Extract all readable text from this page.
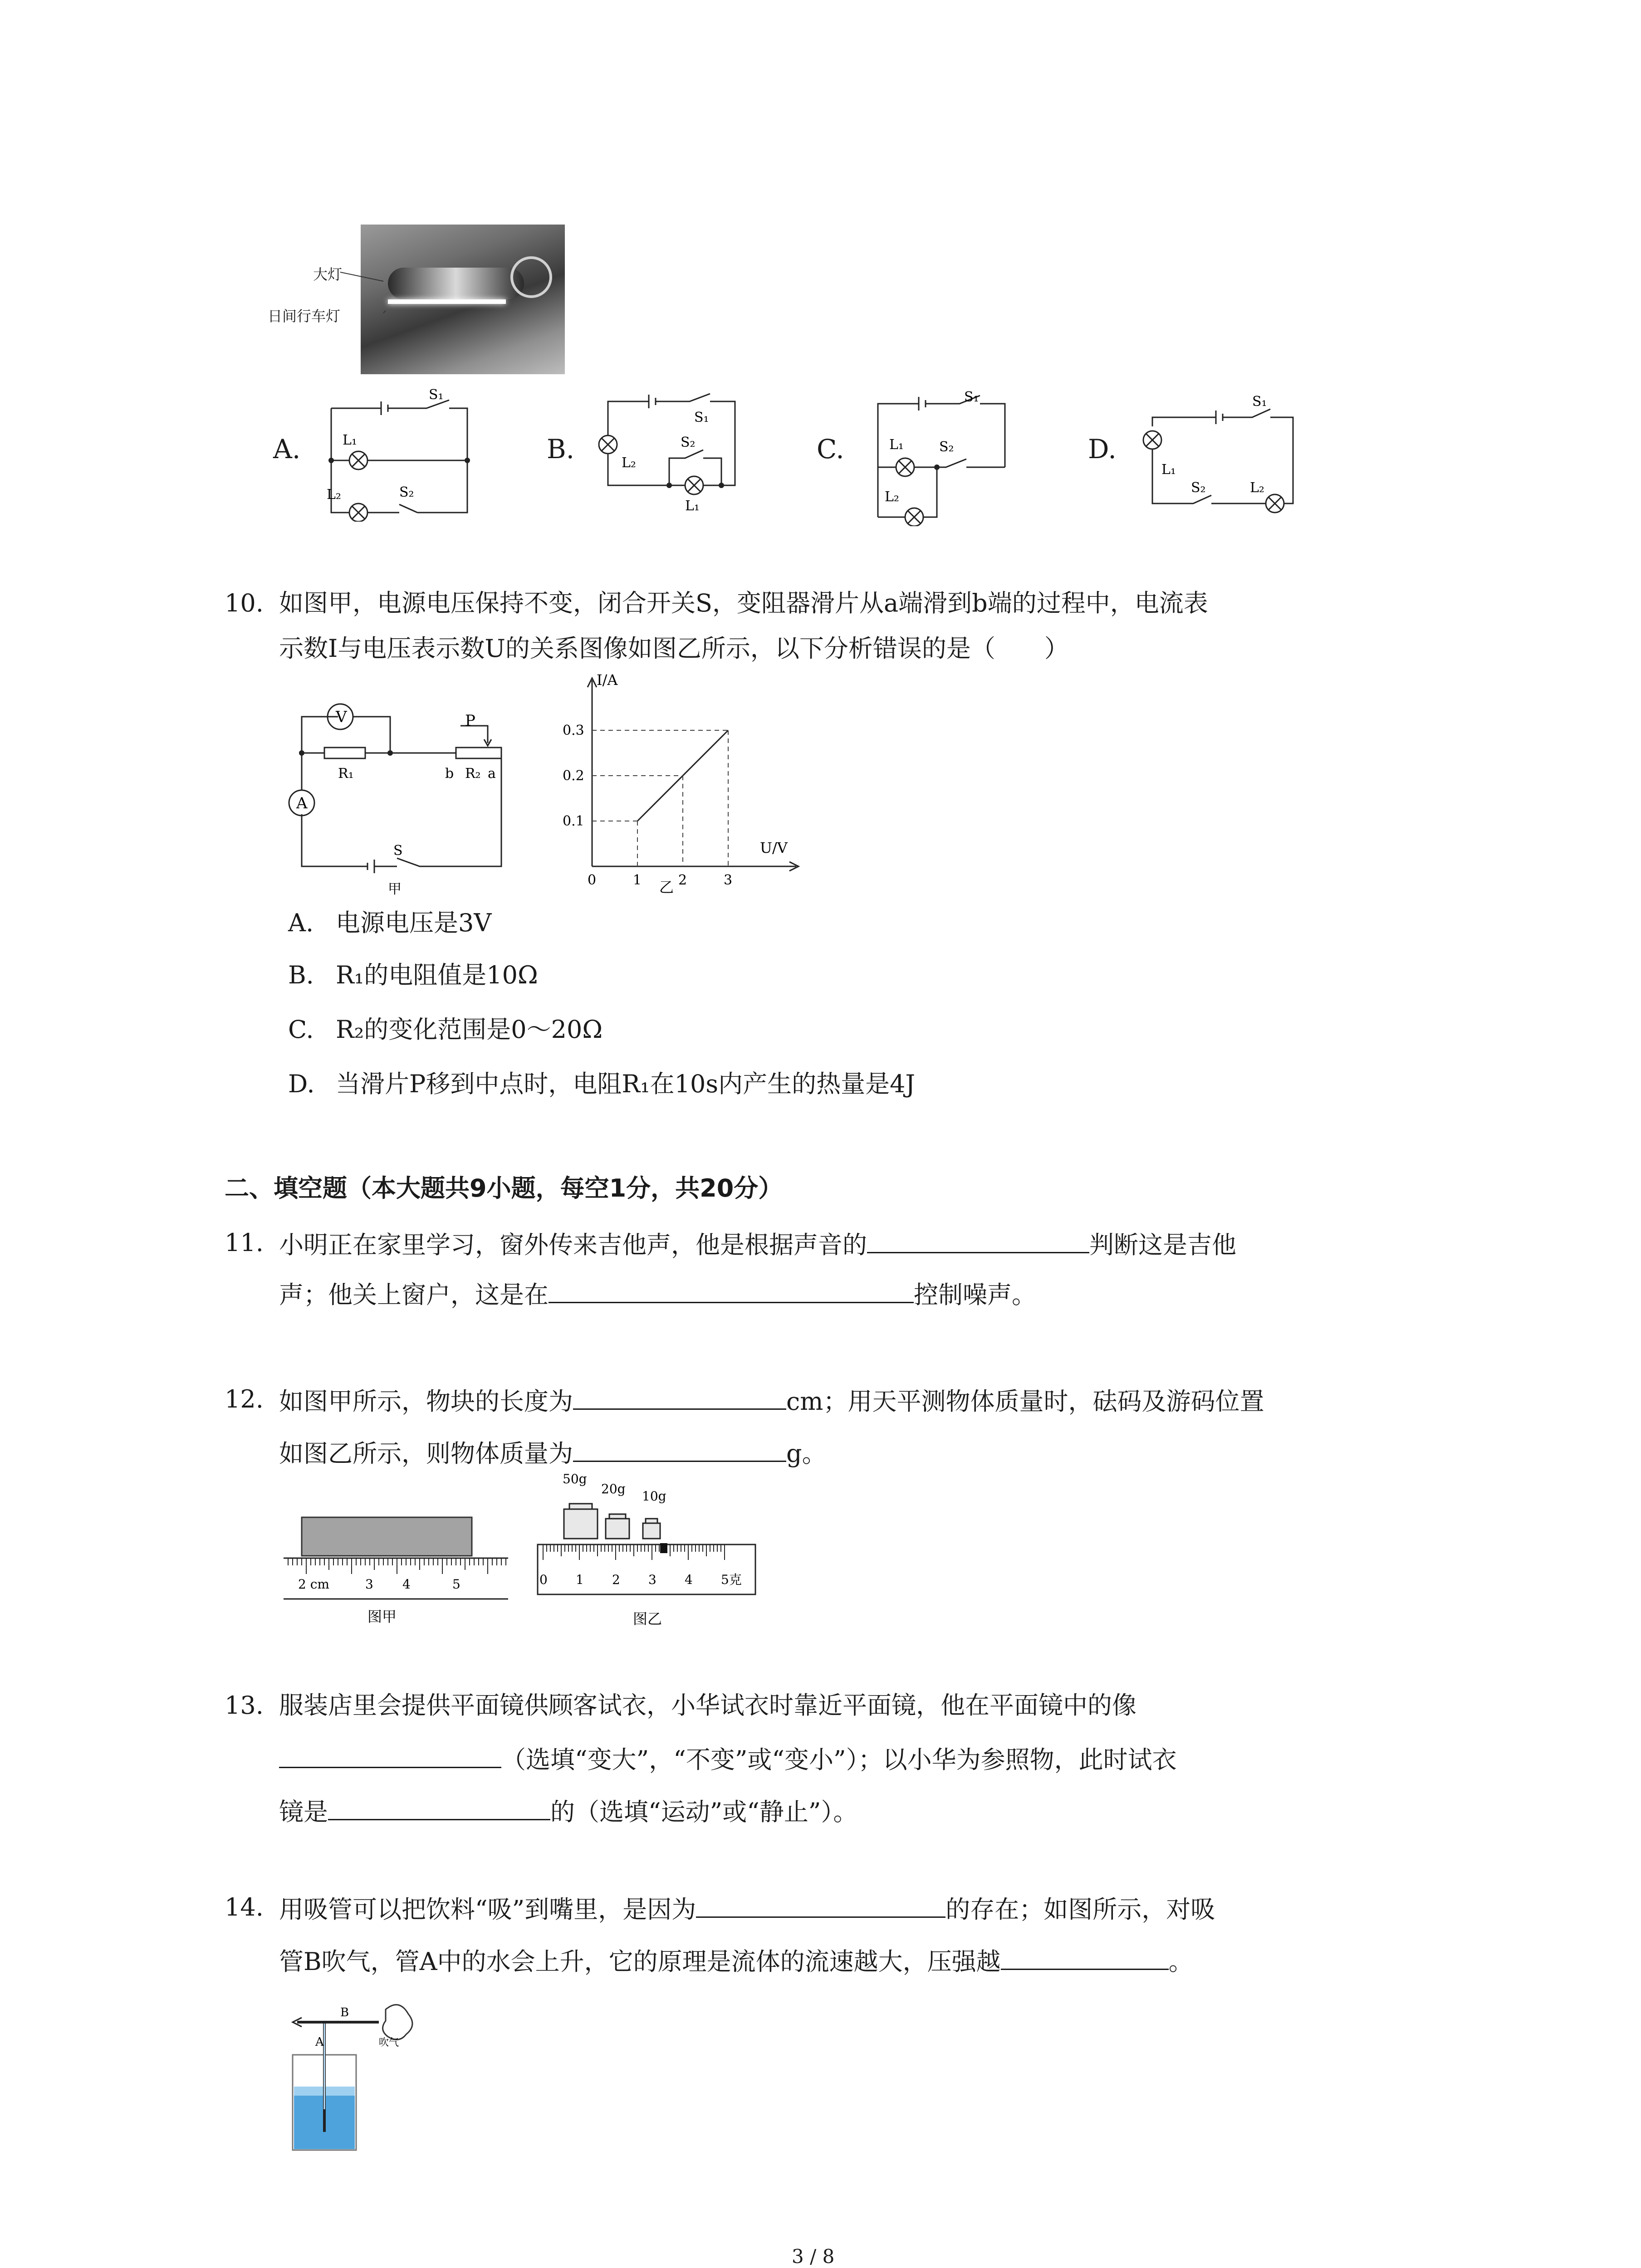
大灯
日间行车灯
A.	B.	C.	D.
S₁
L₁
L₂	S₂
S₁
S₂
L₂
L₁
S₁
L₁	S₂
L₂
S₁
L₁
S₂	L₂
10. 如图甲，电源电压保持不变，闭合开关S，变阻器滑片从a端滑到b端的过程中，电流表
示数I与电压表示数U的关系图像如图乙所示，以下分析错误的是（　　）
V
A
R₁
P
b R₂ a
S
甲
I/A
U/V
0.3
0.2
0.1
0	1	2	3
乙
A. 电源电压是3V
B. R₁的电阻值是10Ω
C. R₂的变化范围是0～20Ω
D. 当滑片P移到中点时，电阻R₁在10s内产生的热量是4J
二、填空题（本大题共9小题，每空1分，共20分）
11. 小明正在家里学习，窗外传来吉他声，他是根据声音的	判断这是吉他
声；他关上窗户，这是在	控制噪声。
12. 如图甲所示，物块的长度为	cm；用天平测物体质量时，砝码及游码位置
如图乙所示，则物体质量为	g。
2 cm	3 4	5
图甲
50g
20g 10g
0 1 2 3 4 5克
图乙
13. 服装店里会提供平面镜供顾客试衣，小华试衣时靠近平面镜，他在平面镜中的像
（选填“变大”，“不变”或“变小”）；以小华为参照物，此时试衣
镜是	的（选填“运动”或“静止”）。
14. 用吸管可以把饮料“吸”到嘴里，是因为	的存在；如图所示，对吸
管B吹气，管A中的水会上升，它的原理是流体的流速越大，压强越	。
B
A	吹气
3 / 8
